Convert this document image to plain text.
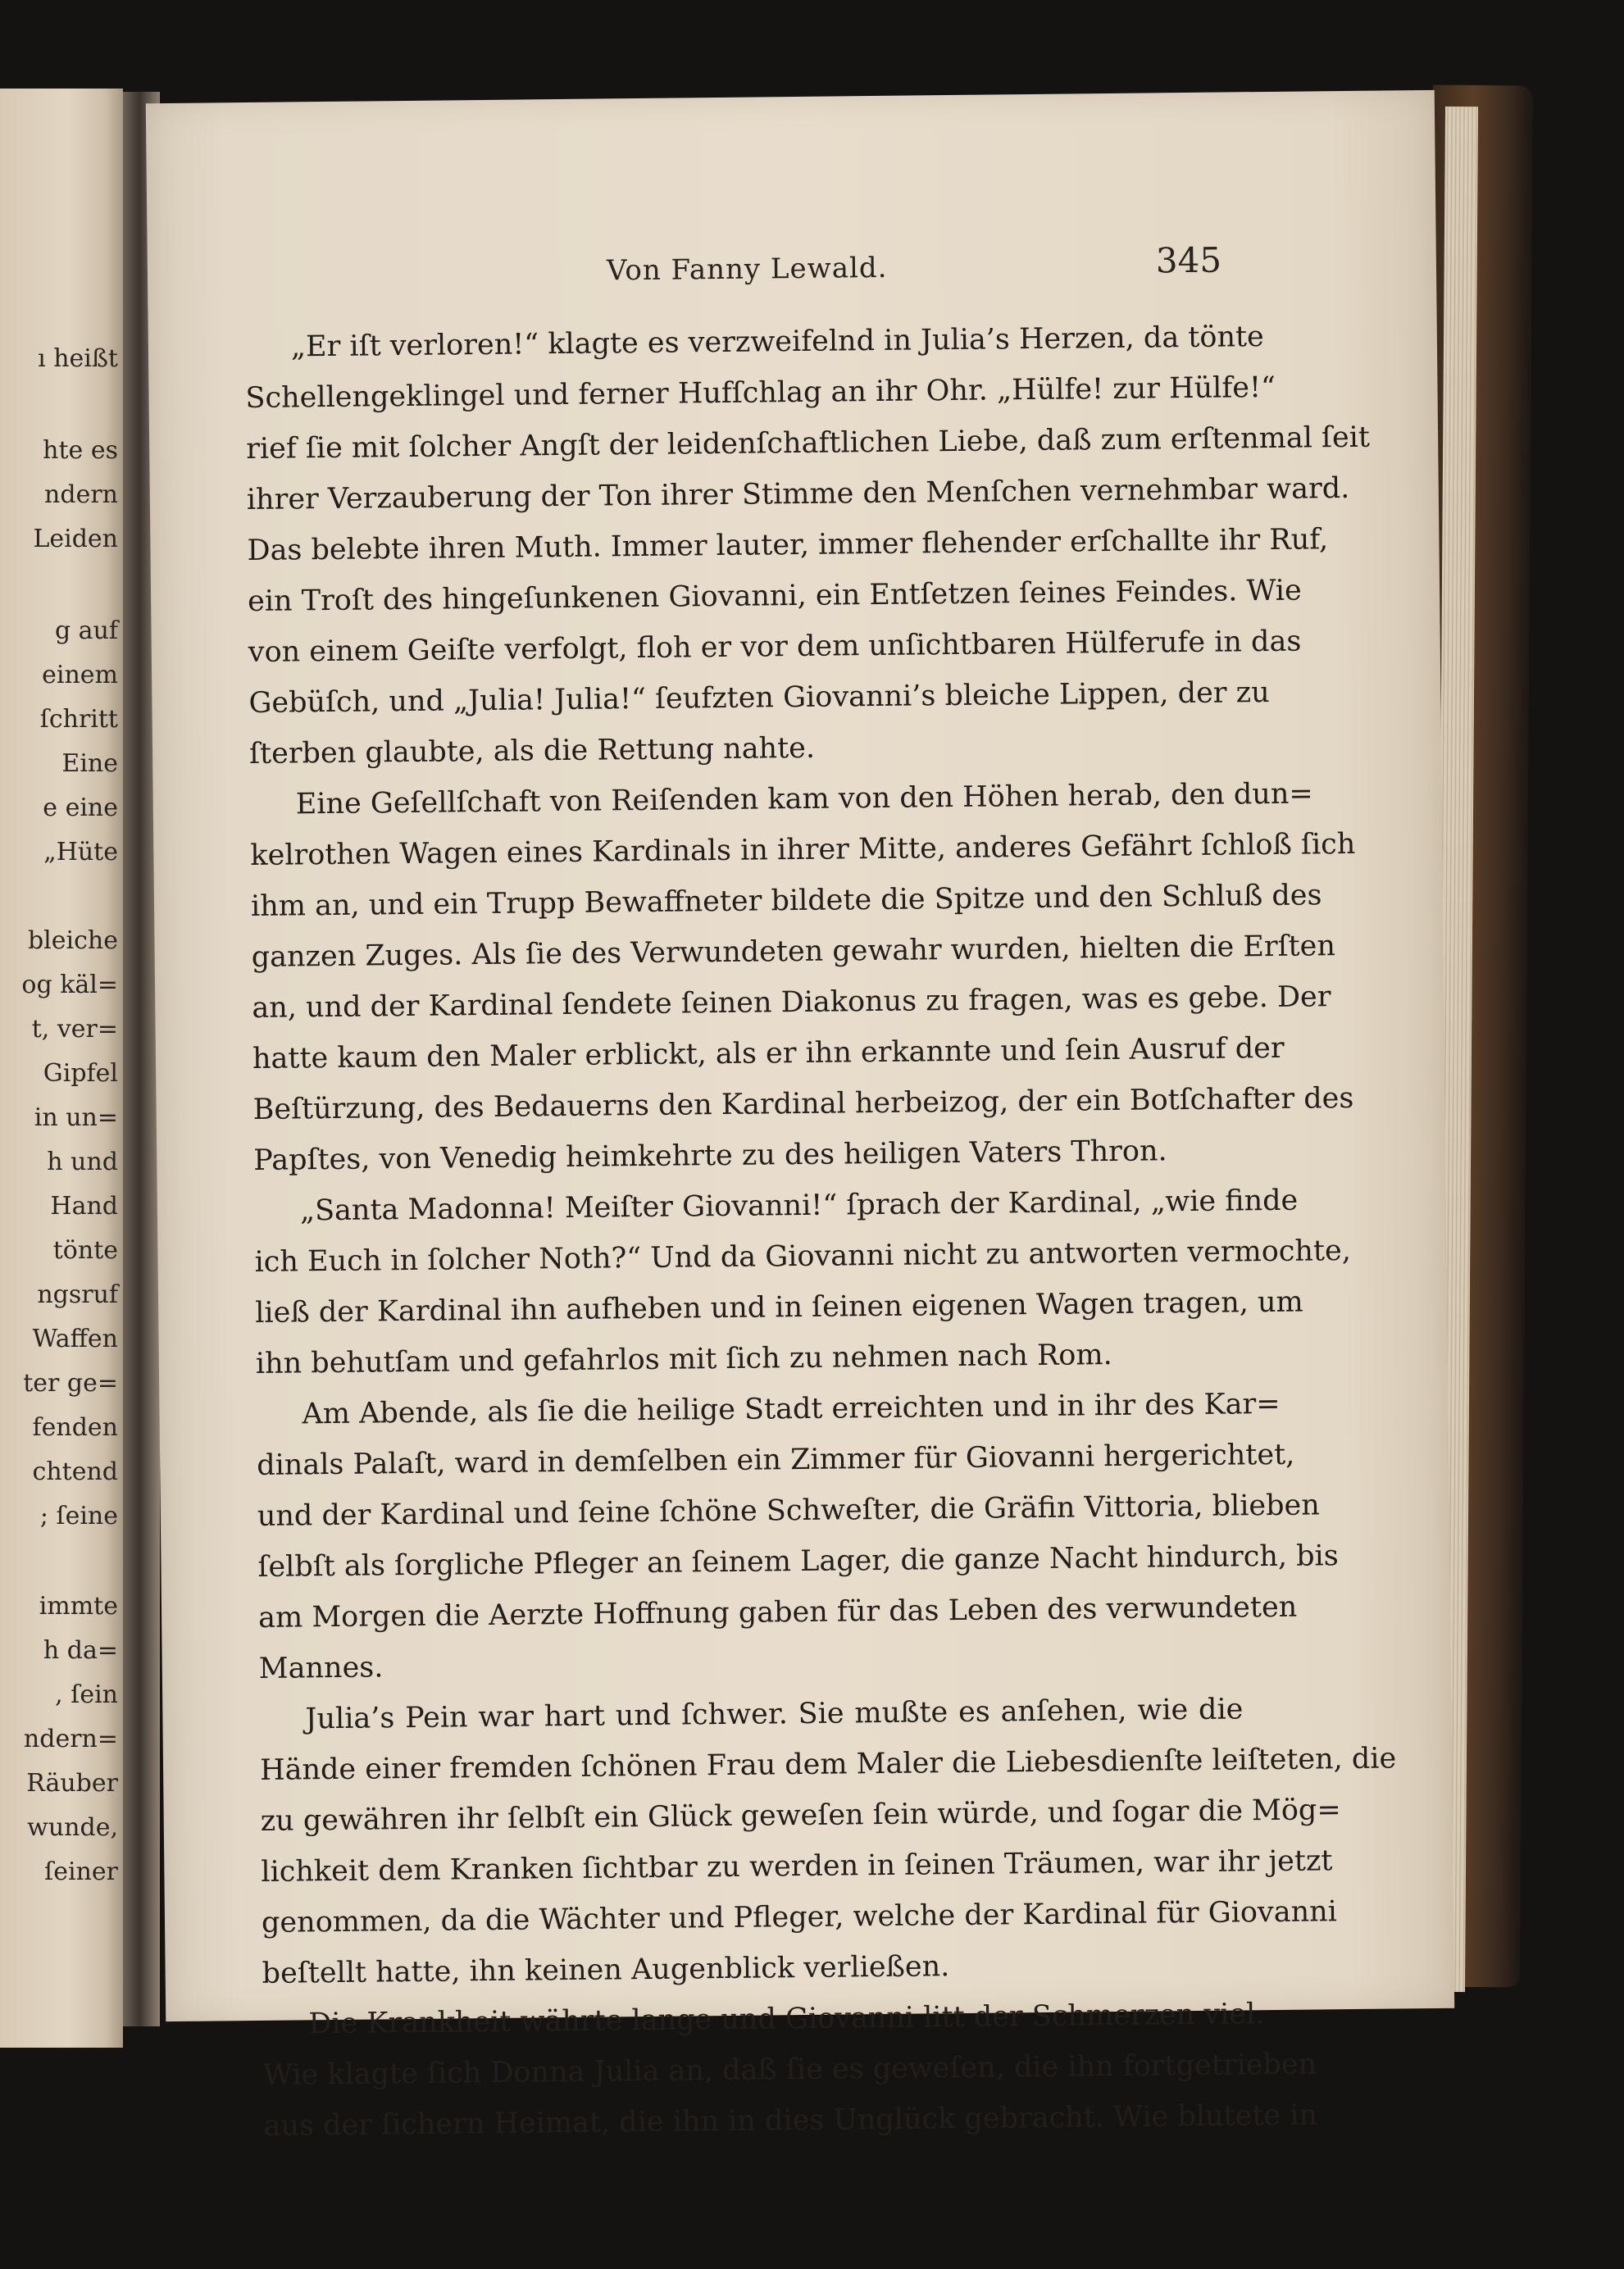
ı heißt
hte es
ndern
Leiden
g auf
einem
ſchritt
Eine
e eine
„Hüte
bleiche
og käl=
t, ver=
Gipfel
in un=
h und
Hand
tönte
ngsruf
Waffen
ter ge=
fenden
chtend
; ſeine
immte
h da=
, ſein
ndern=
Räuber
wunde,
ſeiner
Von Fanny Lewald.	345
„Er iſt verloren!“ klagte es verzweifelnd in Julia’s Herzen, da tönte
Schellengeklingel und ferner Hufſchlag an ihr Ohr. „Hülfe! zur Hülfe!“
rief ſie mit ſolcher Angſt der leidenſchaftlichen Liebe, daß zum erſtenmal ſeit
ihrer Verzauberung der Ton ihrer Stimme den Menſchen vernehmbar ward.
Das belebte ihren Muth. Immer lauter, immer flehender erſchallte ihr Ruf,
ein Troſt des hingeſunkenen Giovanni, ein Entſetzen ſeines Feindes. Wie
von einem Geiſte verfolgt, floh er vor dem unſichtbaren Hülferufe in das
Gebüſch, und „Julia! Julia!“ ſeufzten Giovanni’s bleiche Lippen, der zu
ſterben glaubte, als die Rettung nahte.
Eine Geſellſchaft von Reiſenden kam von den Höhen herab, den dun=
kelrothen Wagen eines Kardinals in ihrer Mitte, anderes Gefährt ſchloß ſich
ihm an, und ein Trupp Bewaffneter bildete die Spitze und den Schluß des
ganzen Zuges. Als ſie des Verwundeten gewahr wurden, hielten die Erſten
an, und der Kardinal ſendete ſeinen Diakonus zu fragen, was es gebe. Der
hatte kaum den Maler erblickt, als er ihn erkannte und ſein Ausruf der
Beſtürzung, des Bedauerns den Kardinal herbeizog, der ein Botſchafter des
Papſtes, von Venedig heimkehrte zu des heiligen Vaters Thron.
„Santa Madonna! Meiſter Giovanni!“ ſprach der Kardinal, „wie finde
ich Euch in ſolcher Noth?“ Und da Giovanni nicht zu antworten vermochte,
ließ der Kardinal ihn aufheben und in ſeinen eigenen Wagen tragen, um
ihn behutſam und gefahrlos mit ſich zu nehmen nach Rom.
Am Abende, als ſie die heilige Stadt erreichten und in ihr des Kar=
dinals Palaſt, ward in demſelben ein Zimmer für Giovanni hergerichtet,
und der Kardinal und ſeine ſchöne Schweſter, die Gräfin Vittoria, blieben
ſelbſt als ſorgliche Pfleger an ſeinem Lager, die ganze Nacht hindurch, bis
am Morgen die Aerzte Hoffnung gaben für das Leben des verwundeten
Mannes.
Julia’s Pein war hart und ſchwer. Sie mußte es anſehen, wie die
Hände einer fremden ſchönen Frau dem Maler die Liebesdienſte leiſteten, die
zu gewähren ihr ſelbſt ein Glück geweſen ſein würde, und ſogar die Mög=
lichkeit dem Kranken ſichtbar zu werden in ſeinen Träumen, war ihr jetzt
genommen, da die Wächter und Pfleger, welche der Kardinal für Giovanni
beſtellt hatte, ihn keinen Augenblick verließen.
Die Krankheit währte lange und Giovanni litt der Schmerzen viel.
Wie klagte ſich Donna Julia an, daß ſie es geweſen, die ihn fortgetrieben
aus der ſichern Heimat, die ihn in dies Unglück gebracht. Wie blutete in
